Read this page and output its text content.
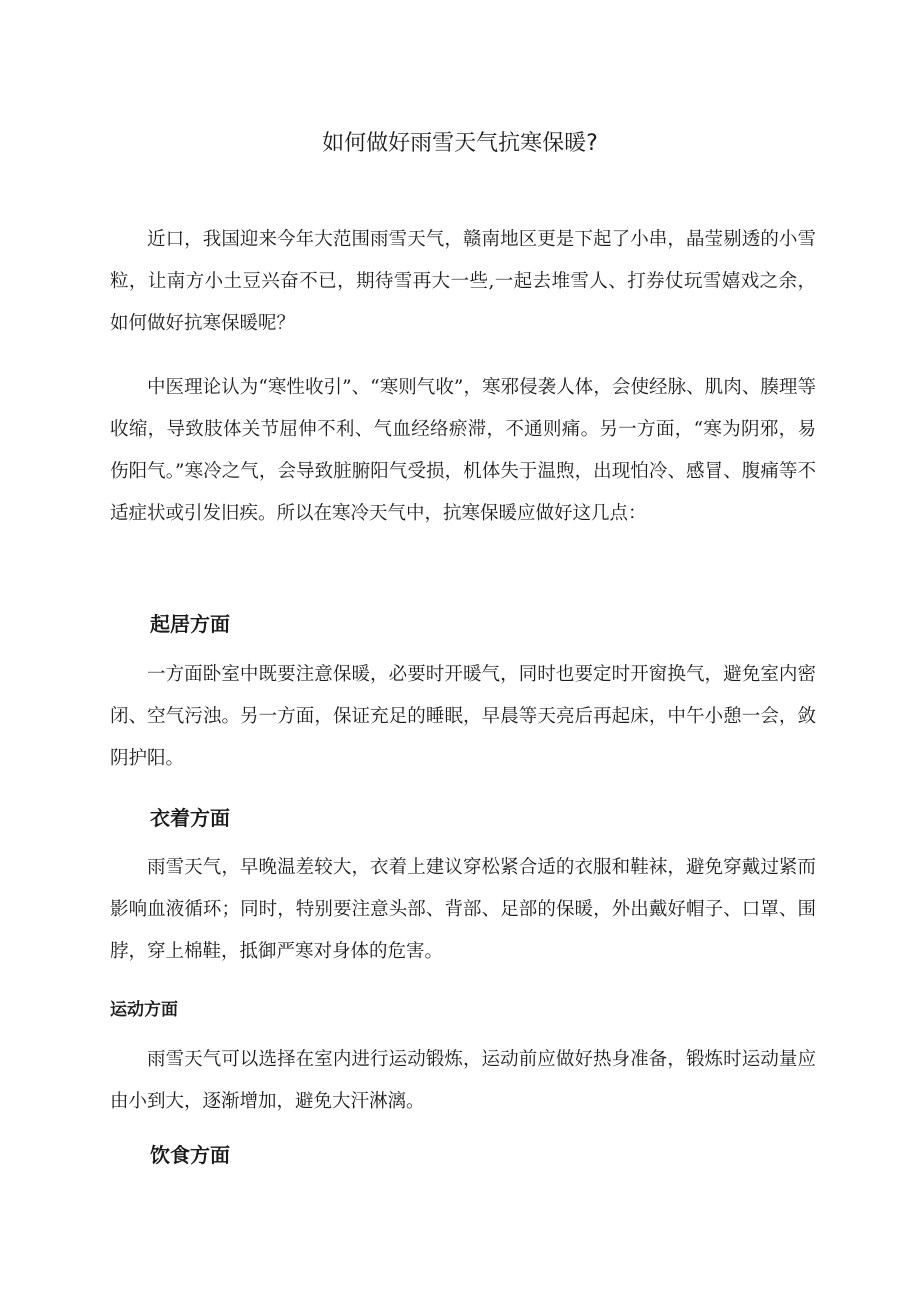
如何做好雨雪天气抗寒保暖?

近口，我国迎来今年大范围雨雪天气，赣南地区更是下起了小串，晶莹剔透的小雪粒，让南方小土豆兴奋不已，期待雪再大一些,一起去堆雪人、打券仗玩雪嬉戏之余，如何做好抗寒保暖呢？

中医理论认为“寒性收引”、“寒则气收”，寒邪侵袭人体，会使经脉、肌肉、腠理等收缩，导致肢体关节屈伸不利、气血经络瘀滞，不通则痛。另一方面，“寒为阴邪，易伤阳气。”寒冷之气，会导致脏腑阳气受损，机体失于温煦，出现怕冷、感冒、腹痛等不适症状或引发旧疾。所以在寒冷天气中，抗寒保暖应做好这几点：

起居方面

一方面卧室中既要注意保暖，必要时开暖气，同时也要定时开窗换气，避免室内密闭、空气污浊。另一方面，保证充足的睡眠，早晨等天亮后再起床，中午小憩一会，敛阴护阳。

衣着方面

雨雪天气，早晚温差较大，衣着上建议穿松紧合适的衣服和鞋袜，避免穿戴过紧而影响血液循环；同时，特别要注意头部、背部、足部的保暖，外出戴好帽子、口罩、围脖，穿上棉鞋，抵御严寒对身体的危害。

运动方面

雨雪天气可以选择在室内进行运动锻炼，运动前应做好热身准备，锻炼时运动量应由小到大，逐渐增加，避免大汗淋漓。

饮食方面
